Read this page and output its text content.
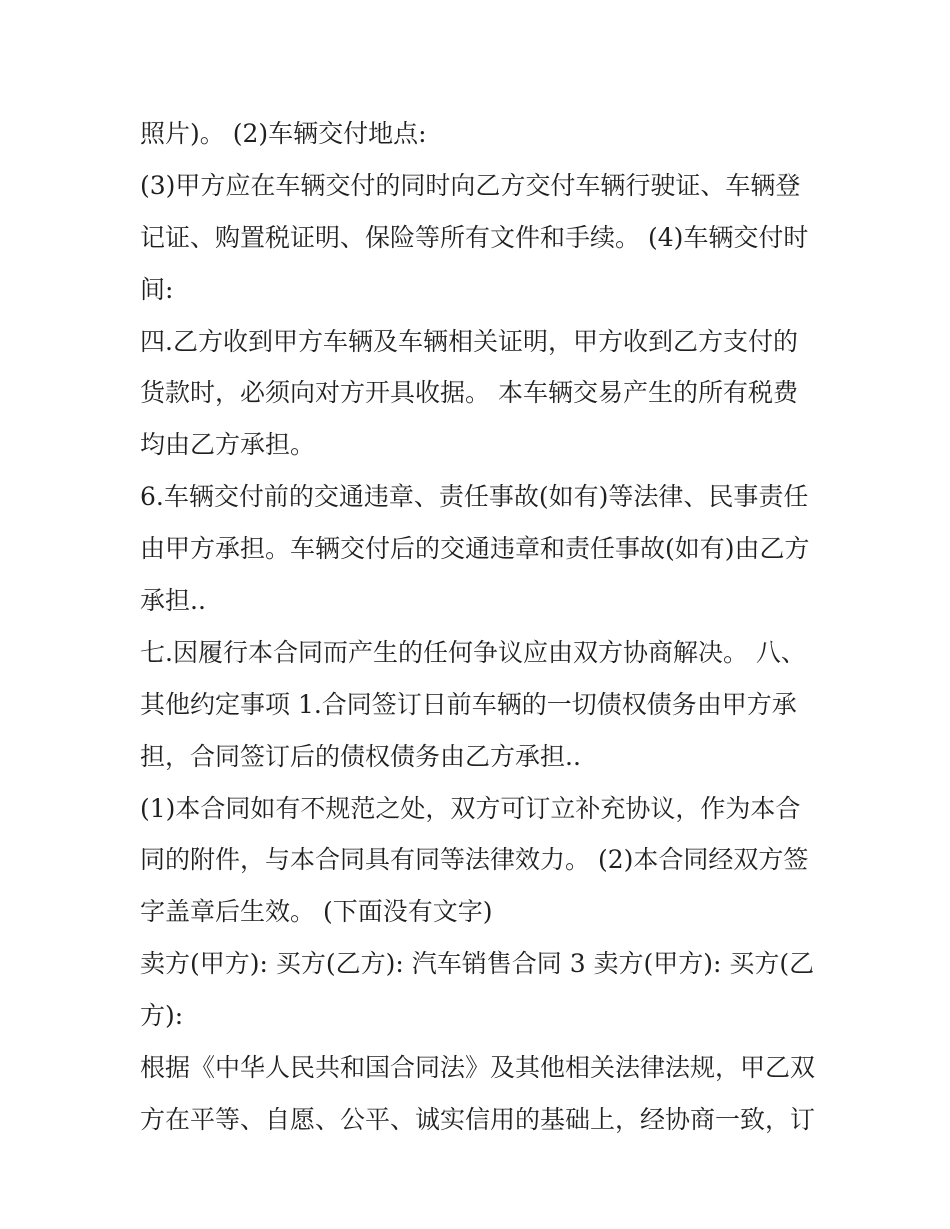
照片)。 (2)车辆交付地点:
(3)甲方应在车辆交付的同时向乙方交付车辆行驶证、车辆登
记证、购置税证明、保险等所有文件和手续。 (4)车辆交付时
间:
四.乙方收到甲方车辆及车辆相关证明，甲方收到乙方支付的
货款时，必须向对方开具收据。 本车辆交易产生的所有税费
均由乙方承担。
6.车辆交付前的交通违章、责任事故(如有)等法律、民事责任
由甲方承担。车辆交付后的交通违章和责任事故(如有)由乙方
承担..
七.因履行本合同而产生的任何争议应由双方协商解决。 八、
其他约定事项 1.合同签订日前车辆的一切债权债务由甲方承
担，合同签订后的债权债务由乙方承担..
(1)本合同如有不规范之处，双方可订立补充协议，作为本合
同的附件，与本合同具有同等法律效力。 (2)本合同经双方签
字盖章后生效。 (下面没有文字)
卖方(甲方): 买方(乙方): 汽车销售合同 3 卖方(甲方): 买方(乙
方):
根据《中华人民共和国合同法》及其他相关法律法规，甲乙双
方在平等、自愿、公平、诚实信用的基础上，经协商一致，订
